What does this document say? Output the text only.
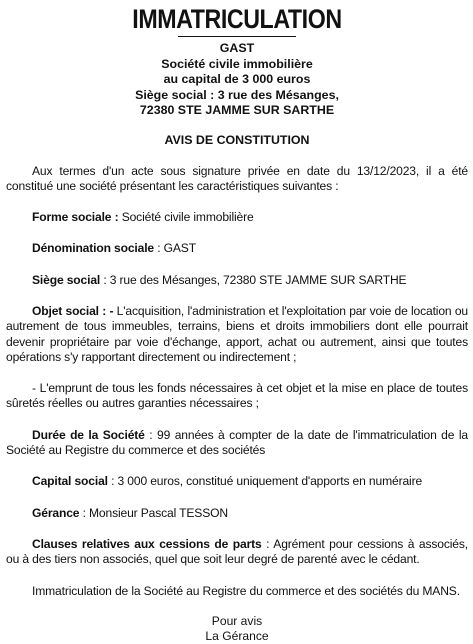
IMMATRICULATION
GAST
Société civile immobilière
au capital de 3 000 euros
Siège social : 3 rue des Mésanges,
72380 STE JAMME SUR SARTHE
AVIS DE CONSTITUTION

Aux termes d'un acte sous signature privée en date du 13/12/2023, il a été constitué une société présentant les caractéristiques suivantes :

Forme sociale : Société civile immobilière

Dénomination sociale : GAST

Siège social : 3 rue des Mésanges, 72380 STE JAMME SUR SARTHE

Objet social : - L'acquisition, l'administration et l'exploitation par voie de location ou autrement de tous immeubles, terrains, biens et droits immobiliers dont elle pourrait devenir propriétaire par voie d'échange, apport, achat ou autrement, ainsi que toutes opérations s'y rapportant directement ou indirectement ;

- L'emprunt de tous les fonds nécessaires à cet objet et la mise en place de toutes sûretés réelles ou autres garanties nécessaires ;

Durée de la Société : 99 années à compter de la date de l'immatriculation de la Société au Registre du commerce et des sociétés

Capital social : 3 000 euros, constitué uniquement d'apports en numéraire

Gérance : Monsieur Pascal TESSON

Clauses relatives aux cessions de parts : Agrément pour cessions à associés, ou à des tiers non associés, quel que soit leur degré de parenté avec le cédant.

Immatriculation de la Société au Registre du commerce et des sociétés du MANS.

Pour avis
La Gérance
